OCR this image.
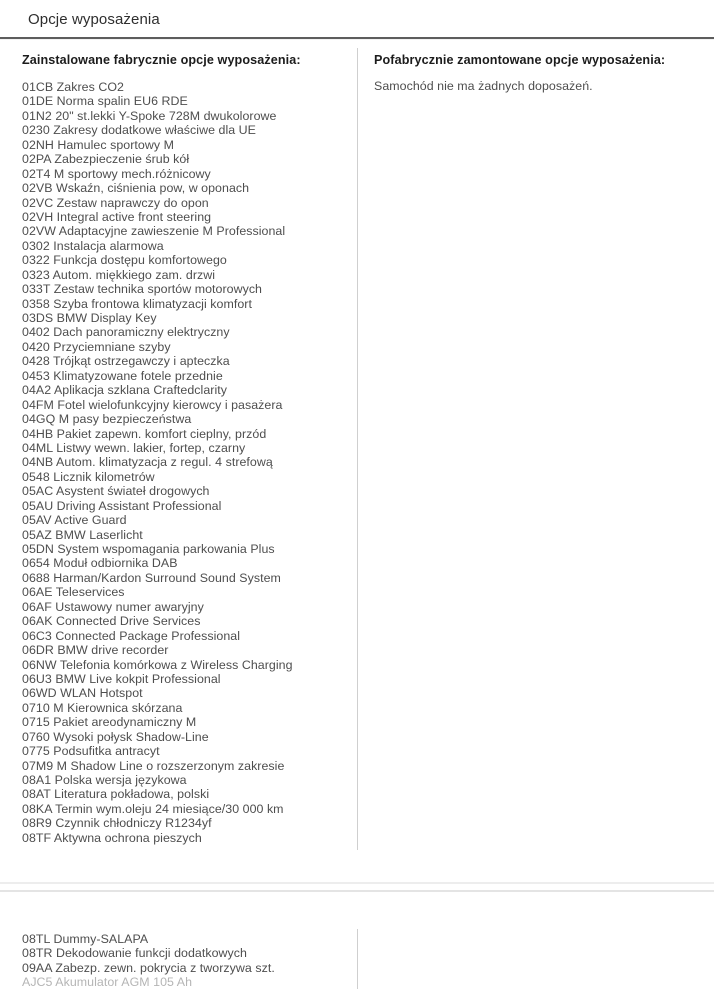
Opcje wyposażenia
Zainstalowane fabrycznie opcje wyposażenia:	Pofabrycznie zamontowane opcje wyposażenia:
01CB Zakres CO2
01DE Norma spalin EU6 RDE
01N2 20" st.lekki Y-Spoke 728M dwukolorowe
0230 Zakresy dodatkowe właściwe dla UE
02NH Hamulec sportowy M
02PA Zabezpieczenie śrub kół
02T4 M sportowy mech.różnicowy
02VB Wskaźn, ciśnienia pow, w oponach
02VC Zestaw naprawczy do opon
02VH Integral active front steering
02VW Adaptacyjne zawieszenie M Professional
0302 Instalacja alarmowa
0322 Funkcja dostępu komfortowego
0323 Autom. miękkiego zam. drzwi
033T Zestaw technika sportów motorowych
0358 Szyba frontowa klimatyzacji komfort
03DS BMW Display Key
0402 Dach panoramiczny elektryczny
0420 Przyciemniane szyby
0428 Trójkąt ostrzegawczy i apteczka
0453 Klimatyzowane fotele przednie
04A2 Aplikacja szklana Craftedclarity
04FM Fotel wielofunkcyjny kierowcy i pasażera
04GQ M pasy bezpieczeństwa
04HB Pakiet zapewn. komfort cieplny, przód
04ML Listwy wewn. lakier, fortep, czarny
04NB Autom. klimatyzacja z regul. 4 strefową
0548 Licznik kilometrów
05AC Asystent świateł drogowych
05AU Driving Assistant Professional
05AV Active Guard
05AZ BMW Laserlicht
05DN System wspomagania parkowania Plus
0654 Moduł odbiornika DAB
0688 Harman/Kardon Surround Sound System
06AE Teleservices
06AF Ustawowy numer awaryjny
06AK Connected Drive Services
06C3 Connected Package Professional
06DR BMW drive recorder
06NW Telefonia komórkowa z Wireless Charging
06U3 BMW Live kokpit Professional
06WD WLAN Hotspot
0710 M Kierownica skórzana
0715 Pakiet areodynamiczny M
0760 Wysoki połysk Shadow-Line
0775 Podsufitka antracyt
07M9 M Shadow Line o rozszerzonym zakresie
08A1 Polska wersja językowa
08AT Literatura pokładowa, polski
08KA Termin wym.oleju 24 miesiące/30 000 km
08R9 Czynnik chłodniczy R1234yf
08TF Aktywna ochrona pieszych
Samochód nie ma żadnych doposażeń.
08TL Dummy-SALAPA
08TR Dekodowanie funkcji dodatkowych
09AA Zabezp. zewn. pokrycia z tworzywa szt.
AJC5 Akumulator AGM 105 Ah
